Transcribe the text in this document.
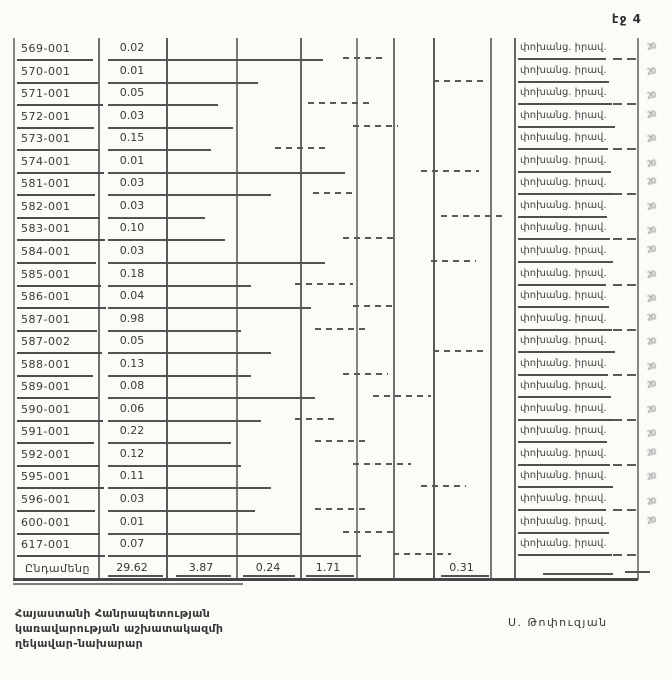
էջ 4
569-001	0.02	փոխանց. իրավ.	20
570-001	0.01	փոխանց. իրավ.	20
571-001	0.05	փոխանց. իրավ.	20
572-001	0.03	փոխանց. իրավ.	20
573-001	0.15	փոխանց. իրավ.	20
574-001	0.01	փոխանց. իրավ.	20
581-001	0.03	փոխանց. իրավ.	20
582-001	0.03	փոխանց. իրավ.	20
583-001	0.10	փոխանց. իրավ.	20
584-001	0.03	փոխանց. իրավ.	20
585-001	0.18	փոխանց. իրավ.	20
586-001	0.04	փոխանց. իրավ.	20
587-001	0.98	փոխանց. իրավ.	20
587-002	0.05	փոխանց. իրավ.	20
588-001	0.13	փոխանց. իրավ.	20
589-001	0.08	փոխանց. իրավ.	20
590-001	0.06	փոխանց. իրավ.	20
591-001	0.22	փոխանց. իրավ.	20
592-001	0.12	փոխանց. իրավ.	20
595-001	0.11	փոխանց. իրավ.	20
596-001	0.03	փոխանց. իրավ.	20
600-001	0.01	փոխանց. իրավ.	20
617-001	0.07	փոխանց. իրավ.
Ընդամենը	29.62	3.87	0.24	1.71	0.31
Հայաստանի Հանրապետության
կառավարության աշխատակազմի
ղեկավար-նախարար
Ս. Թոփուզյան
